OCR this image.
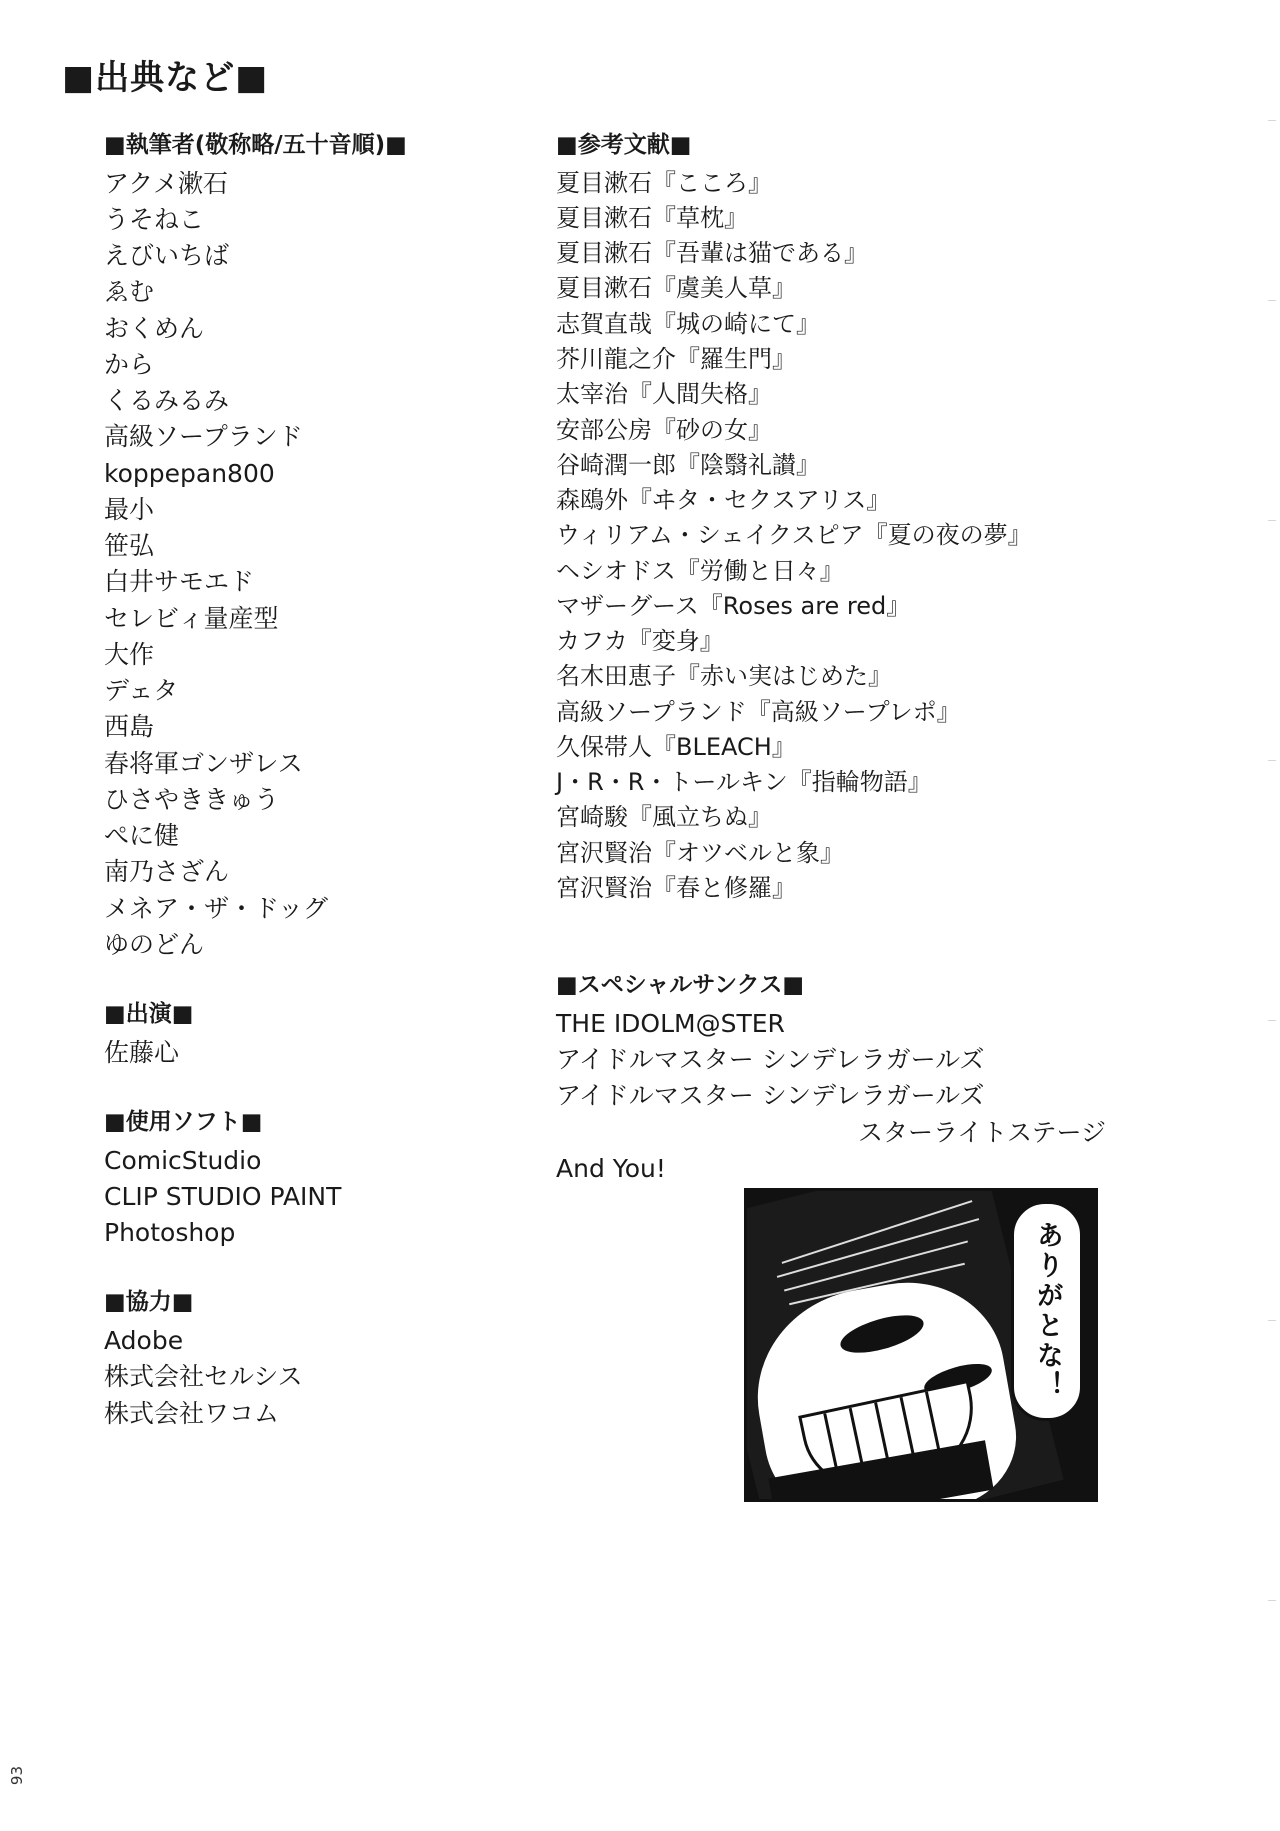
■出典など■
■執筆者(敬称略/五十音順)■
アクメ漱石
うそねこ
えびいちば
ゑむ
おくめん
から
くるみるみ
高級ソープランド
koppepan800
最小
笹弘
白井サモエド
セレビィ量産型
大作
デェタ
西島
春将軍ゴンザレス
ひさやききゅう
ぺに健
南乃さざん
メネア・ザ・ドッグ
ゆのどん
■出演■
佐藤心
■使用ソフト■
ComicStudio
CLIP STUDIO PAINT
Photoshop
■協力■
Adobe
株式会社セルシス
株式会社ワコム
■参考文献■
夏目漱石『こころ』
夏目漱石『草枕』
夏目漱石『吾輩は猫である』
夏目漱石『虞美人草』
志賀直哉『城の崎にて』
芥川龍之介『羅生門』
太宰治『人間失格』
安部公房『砂の女』
谷崎潤一郎『陰翳礼讃』
森鴎外『ヰタ・セクスアリス』
ウィリアム・シェイクスピア『夏の夜の夢』
ヘシオドス『労働と日々』
マザーグース『Roses are red』
カフカ『変身』
名木田恵子『赤い実はじめた』
高級ソープランド『高級ソープレポ』
久保帯人『BLEACH』
J・R・R・トールキン『指輪物語』
宮崎駿『風立ちぬ』
宮沢賢治『オツベルと象』
宮沢賢治『春と修羅』
■スペシャルサンクス■
THE IDOLM@STER
アイドルマスター シンデレラガールズ
アイドルマスター シンデレラガールズ
スターライトステージ
And You!
ありがとな！
93
